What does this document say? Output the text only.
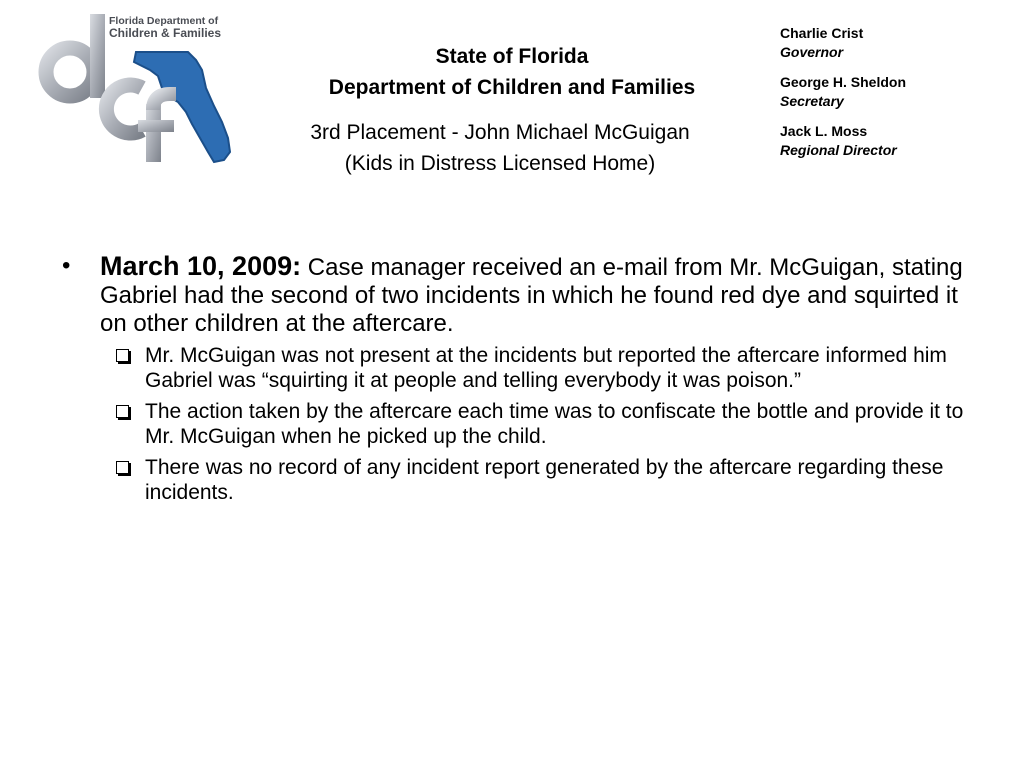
Florida Department of
Children & Families
State of Florida
Department of Children and Families
3rd Placement - John Michael McGuigan
(Kids in Distress Licensed Home)
Charlie Crist
Governor
George H. Sheldon
Secretary
Jack L. Moss
Regional Director
• March 10, 2009: Case manager received an e-mail from Mr. McGuigan, stating Gabriel had the second of two incidents in which he found red dye and squirted it on other children at the aftercare.
Mr. McGuigan was not present at the incidents but reported the aftercare informed him Gabriel was “squirting it at people and telling everybody it was poison.”
The action taken by the aftercare each time was to confiscate the bottle and provide it to Mr. McGuigan when he picked up the child.
There was no record of any incident report generated by the aftercare regarding these incidents.
